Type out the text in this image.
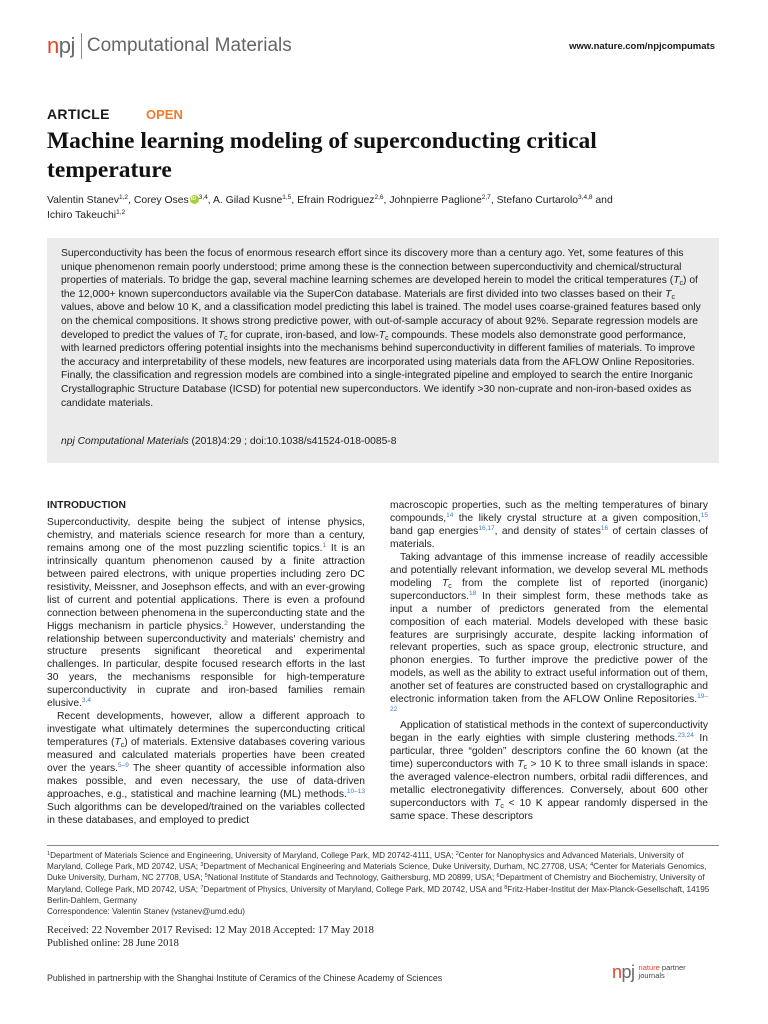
npj Computational Materials	www.nature.com/npjcompumats
ARTICLE	OPEN
Machine learning modeling of superconducting critical temperature
Valentin Stanev$^{1,2}$, Corey OsesiD $^{3,4}$, A. Gilad Kusne$^{1,5}$, Efrain Rodriguez$^{2,6}$, Johnpierre Paglione$^{2,7}$, Stefano Curtarolo$^{3,4,8}$ and
Ichiro Takeuchi$^{1,2}$
Superconductivity has been the focus of enormous research effort since its discovery more than a century ago. Yet, some features of this unique phenomenon remain poorly understood; prime among these is the connection between superconductivity and chemical/structural properties of materials. To bridge the gap, several machine learning schemes are developed herein to model the critical temperatures $(T_c)$ of the 12,000+ known superconductors available via the SuperCon database. Materials are first divided into two classes based on their $T_c$ values, above and below 10 K, and a classification model predicting this label is trained. The model uses coarse-grained features based only on the chemical compositions. It shows strong predictive power, with out-of-sample accuracy of about 92%. Separate regression models are developed to predict the values of $T_c$ for cuprate, iron-based, and low-$T_c$ compounds. These models also demonstrate good performance, with learned predictors offering potential insights into the mechanisms behind superconductivity in different families of materials. To improve the accuracy and interpretability of these models, new features are incorporated using materials data from the AFLOW Online Repositories. Finally, the classification and regression models are combined into a single-integrated pipeline and employed to search the entire Inorganic Crystallographic Structure Database (ICSD) for potential new superconductors. We identify >30 non-cuprate and non-iron-based oxides as candidate materials.
npj Computational Materials (2018)4:29 ; doi:10.1038/s41524-018-0085-8
INTRODUCTION

Superconductivity, despite being the subject of intense physics, chemistry, and materials science research for more than a century, remains among one of the most puzzling scientific topics.$^1$ It is an intrinsically quantum phenomenon caused by a finite attraction between paired electrons, with unique properties including zero DC resistivity, Meissner, and Josephson effects, and with an ever-growing list of current and potential applications. There is even a profound connection between phenomena in the superconducting state and the Higgs mechanism in particle physics.$^2$ However, understanding the relationship between superconductivity and materials' chemistry and structure presents significant theoretical and experimental challenges. In particular, despite focused research efforts in the last 30 years, the mechanisms responsible for high-temperature superconductivity in cuprate and iron-based families remain elusive.$^{3,4}$

Recent developments, however, allow a different approach to investigate what ultimately determines the superconducting critical temperatures $(T_c)$ of materials. Extensive databases covering various measured and calculated materials properties have been created over the years.$^{5-9}$ The sheer quantity of accessible information also makes possible, and even necessary, the use of data-driven approaches, e.g., statistical and machine learning (ML) methods.$^{10-13}$ Such algorithms can be developed/trained on the variables collected in these databases, and employed to predict

macroscopic properties, such as the melting temperatures of binary compounds,$^{14}$ the likely crystal structure at a given composition,$^{15}$ band gap energies$^{16,17}$, and density of states$^{16}$ of certain classes of materials.

Taking advantage of this immense increase of readily accessible and potentially relevant information, we develop several ML methods modeling $T_c$ from the complete list of reported (inorganic) superconductors.$^{18}$ In their simplest form, these methods take as input a number of predictors generated from the elemental composition of each material. Models developed with these basic features are surprisingly accurate, despite lacking information of relevant properties, such as space group, electronic structure, and phonon energies. To further improve the predictive power of the models, as well as the ability to extract useful information out of them, another set of features are constructed based on crystallographic and electronic information taken from the AFLOW Online Repositories.$^{19-22}$

Application of statistical methods in the context of superconductivity began in the early eighties with simple clustering methods.$^{23,24}$ In particular, three “golden” descriptors confine the 60 known (at the time) superconductors with $T_c > 10$ K to three small islands in space: the averaged valence-electron numbers, orbital radii differences, and metallic electronegativity differences. Conversely, about 600 other superconductors with $T_c < 10$ K appear randomly dispersed in the same space. These descriptors

$^1$Department of Materials Science and Engineering, University of Maryland, College Park, MD 20742-4111, USA; $^2$Center for Nanophysics and Advanced Materials, University of Maryland, College Park, MD 20742, USA; $^3$Department of Mechanical Engineering and Materials Science, Duke University, Durham, NC 27708, USA; $^4$Center for Materials Genomics, Duke University, Durham, NC 27708, USA; $^5$National Institute of Standards and Technology, Gaithersburg, MD 20899, USA; $^6$Department of Chemistry and Biochemistry, University of Maryland, College Park, MD 20742, USA; $^7$Department of Physics, University of Maryland, College Park, MD 20742, USA and $^8$Fritz-Haber-Institut der Max-Planck-Gesellschaft, 14195 Berlin-Dahlem, Germany
Correspondence: Valentin Stanev (vstanev@umd.edu)
Received: 22 November 2017 Revised: 12 May 2018 Accepted: 17 May 2018
Published online: 28 June 2018
Published in partnership with the Shanghai Institute of Ceramics of the Chinese Academy of Sciences	npj nature partner
journals
